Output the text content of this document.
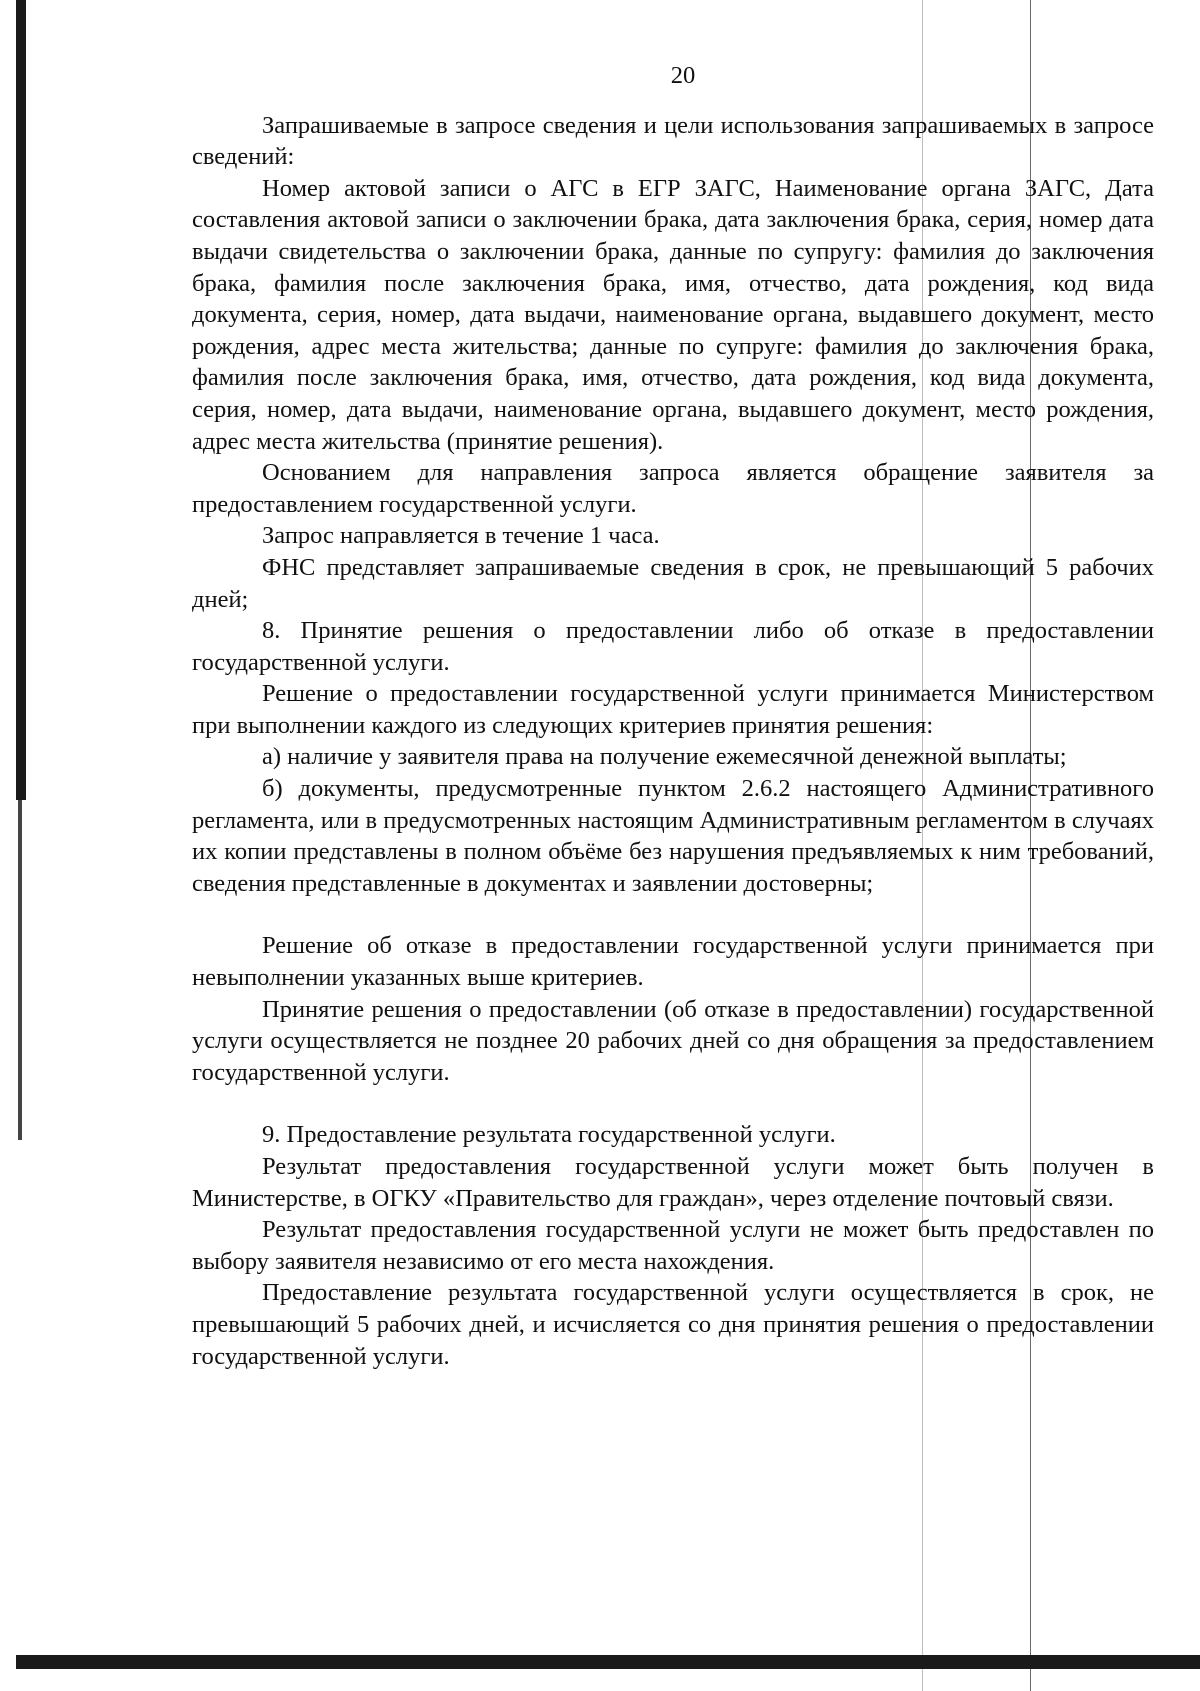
20

Запрашиваемые в запросе сведения и цели использования запрашиваемых в запросе сведений:

Номер актовой записи о АГС в ЕГР ЗАГС, Наименование органа ЗАГС, Дата составления актовой записи о заключении брака, дата заключения брака, серия, номер дата выдачи свидетельства о заключении брака, данные по супругу: фамилия до заключения брака, фамилия после заключения брака, имя, отчество, дата рождения, код вида документа, серия, номер, дата выдачи, наименование органа, выдавшего документ, место рождения, адрес места жительства; данные по супруге: фамилия до заключения брака, фамилия после заключения брака, имя, отчество, дата рождения, код вида документа, серия, номер, дата выдачи, наименование органа, выдавшего документ, место рождения, адрес места жительства (принятие решения).

Основанием для направления запроса является обращение заявителя за предоставлением государственной услуги.

Запрос направляется в течение 1 часа.

ФНС представляет запрашиваемые сведения в срок, не превышающий 5 рабочих дней;

8. Принятие решения о предоставлении либо об отказе в предоставлении государственной услуги.

Решение о предоставлении государственной услуги принимается Министерством при выполнении каждого из следующих критериев принятия решения:

а) наличие у заявителя права на получение ежемесячной денежной выплаты;

б) документы, предусмотренные пунктом 2.6.2 настоящего Административного регламента, или в предусмотренных настоящим Административным регламентом в случаях их копии представлены в полном объёме без нарушения предъявляемых к ним требований, сведения представленные в документах и заявлении достоверны;

Решение об отказе в предоставлении государственной услуги принимается при невыполнении указанных выше критериев.

Принятие решения о предоставлении (об отказе в предоставлении) государственной услуги осуществляется не позднее 20 рабочих дней со дня обращения за предоставлением государственной услуги.

9. Предоставление результата государственной услуги.

Результат предоставления государственной услуги может быть получен в Министерстве, в ОГКУ «Правительство для граждан», через отделение почтовый связи.

Результат предоставления государственной услуги не может быть предоставлен по выбору заявителя независимо от его места нахождения.

Предоставление результата государственной услуги осуществляется в срок, не превышающий 5 рабочих дней, и исчисляется со дня принятия решения о предоставлении государственной услуги.
